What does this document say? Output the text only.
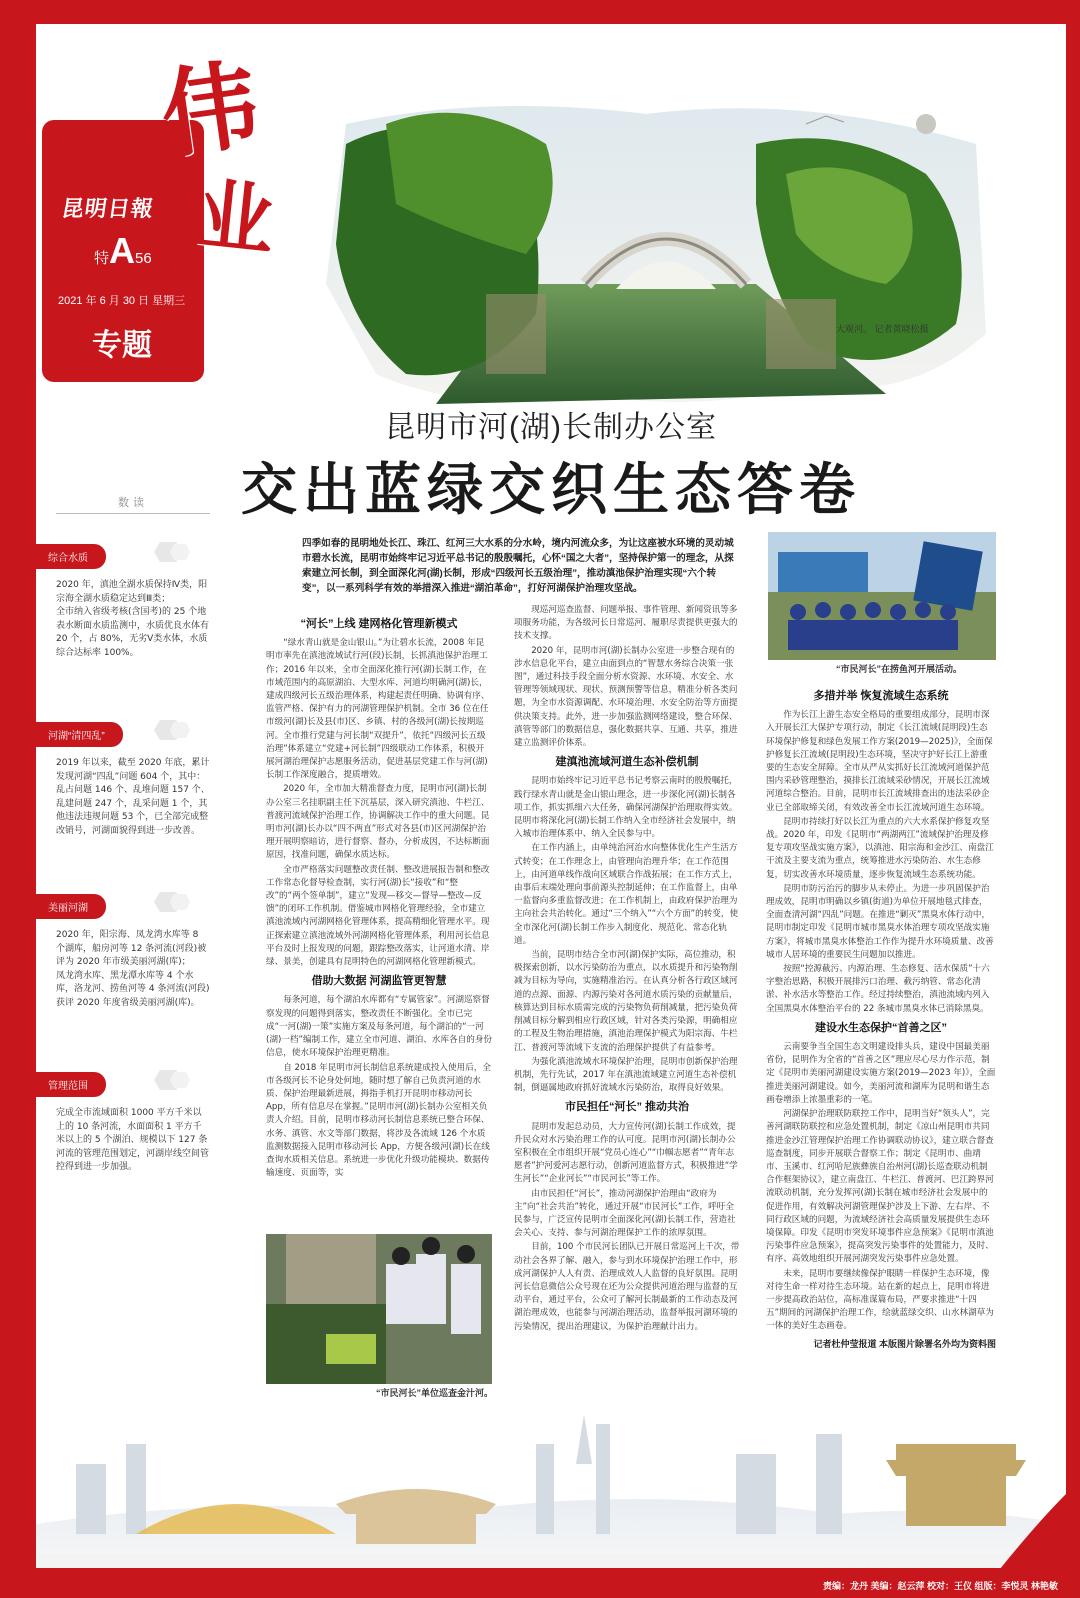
责编：龙丹 美编：赵云萍 校对：王仪 组版：李悦灵 林艳敏
昆明日報
特A56
2021 年 6 月 30 日 星期三
专题
伟
业
大观河。 记者黄晓松摄
昆明市河(湖)长制办公室
交出蓝绿交织生态答卷
四季如春的昆明地处长江、珠江、红河三大水系的分水岭，境内河流众多，为让这座被水环境的灵动城市碧水长流，昆明市始终牢记习近平总书记的殷殷嘱托，心怀“国之大者”，坚持保护第一的理念，从探索建立河长制，到全面深化河(湖)长制，形成“四级河长五级治理”，推动滇池保护治理实现“六个转变”，以一系列科学有效的举措深入推进“湖泊革命”，打好河湖保护治理攻坚战。
数读
综合水质
2020 年，滇池全湖水质保持Ⅳ类，阳宗海全湖水质稳定达到Ⅲ类；
全市纳入省级考核(含国考)的 25 个地表水断面水质监测中，水质优良水体有 20 个，占 80%，无劣Ⅴ类水体，水质综合达标率 100%。
河湖“清四乱”
2019 年以来，截至 2020 年底，累计发现河湖“四乱”问题 604 个，其中：乱占问题 146 个、乱堆问题 157 个、乱建问题 247 个，乱采问题 1 个，其他违法违规问题 53 个，已全部完成整改销号，河湖面貌得到进一步改善。
美丽河湖
2020 年，阳宗海、凤龙湾水库等 8 个湖库，船房河等 12 条河流(河段)被评为 2020 年市级美丽河湖(库)；
凤龙湾水库、黑龙潭水库等 4 个水库，洛龙河、捞鱼河等 4 条河流(河段)获评 2020 年度省级美丽河湖(库)。
管理范围
完成全市流域面积 1000 平方千米以上的 10 条河流，水面面积 1 平方千米以上的 5 个湖泊、规模以下 127 条河流的管理范围划定，河湖岸线空间管控得到进一步加强。
“河长”上线 建网格化管理新模式

“绿水青山就是金山银山。”为让碧水长流，2008 年昆明市率先在滇池流域试行河(段)长制，长抓滇池保护治理工作；2016 年以来，全市全面深化推行河(湖)长制工作，在市域范围内的高原湖泊、大型水库、河道均明确河(湖)长，建成四级河长五级治理体系，构建起责任明确、协调有序、监管严格、保护有力的河湖管理保护机制。全市 36 位在任市级河(湖)长及县(市)区、乡镇、村的各级河(湖)长按期巡河。全市推行党建与河长制“双提升”，依托“四级河长五级治理”体系建立“党建+河长制”四级联动工作体系，积极开展河湖治理保护志愿服务活动，促进基层党建工作与河(湖)长制工作深度融合，提质增效。

2020 年，全市加大精准督查力度，昆明市河(湖)长制办公室三名挂职副主任下沉基层，深入研究滇池、牛栏江、普渡河流域保护治理工作，协调解决工作中的重大问题。昆明市河(湖)长办以“四不两直”形式对各县(市)区河湖保护治理开展明察暗访，进行督察、督办，分析成因，不达标断面原因，找准问题，确保水质达标。

全市严格落实问题整改责任制、整改进展报告制和整改工作常态化督导检查制，实行河(湖)长“接收”和“整改”的“两个签单制”，建立“发现—移交—督导—整改—反馈”的闭环工作机制。借鉴城市网格化管理经验，全市建立滇池流域内河湖网格化管理体系，提高精细化管理水平。现正探索建立滇池流域外河湖网格化管理体系，利用河长信息平台及时上报发现的问题，跟踪整改落实，让河道水清、岸绿、景美，创建具有昆明特色的河湖网格化管理新模式。

借助大数据 河湖监管更智慧

每条河道，每个湖泊水库都有“专属管家”。河湖巡察督察发现的问题得到落实，整改责任不断强化。全市已完成“一河(湖)一策”实施方案及每条河道，每个湖泊的“一河(湖)一档”编制工作，建立全市河道、湖泊、水库各自的身份信息，使水环境保护治理更精准。

自 2018 年昆明市河长制信息系统建成投入使用后，全市各级河长不论身处何地，随时想了解自己负责河道的水质、保护治理最新进展，拇指手机打开昆明市移动河长 App，所有信息尽在掌握。”昆明市河(湖)长制办公室相关负责人介绍。目前，昆明市移动河长制信息系统已整合环保、水务、滇管、水文等部门数据，将涉及各流域 126 个水质监测数据接入昆明市移动河长 App，方便各级河(湖)长在线查询水质相关信息。系统进一步优化升级功能模块、数据传输速度、页面等，实

现巡河巡查监督、问题举报、事件管理、新闻资讯等多项服务功能，为各级河长日常巡河、履职尽责提供更强大的技术支撑。

2020 年，昆明市河(湖)长制办公室进一步整合现有的涉水信息化平台，建立由面到点的“智慧水务综合决策一张图”，通过科技手段全面分析水资源、水环境、水安全、水管理等领域现状、现状、预测预警等信息，精准分析各类问题，为全市水资源调配、水环境治理、水安全防治等方面提供决策支持。此外，进一步加强监测网络建设，整合环保、滇管等部门的数据信息，强化数据共享、互通、共享，推进建立监测评价体系。

建滇池流域河道生态补偿机制

昆明市始终牢记习近平总书记考察云南时的殷殷嘱托，践行绿水青山就是金山银山理念，进一步深化河(湖)长制各项工作，抓实抓细六大任务，确保河湖保护治理取得实效。昆明市将深化河(湖)长制工作纳入全市经济社会发展中，纳入城市治理体系中、纳入全民参与中。

在工作内涵上，由单纯治河治水向整体优化生产生活方式转变；在工作理念上，由管理向治理升华；在工作范围上，由河道单线作战向区域联合作战拓展；在工作方式上，由事后末端处理向事前源头控制延伸；在工作监督上，由单一监督向多重监督改进；在工作机制上，由政府保护治理为主向社会共治转化。通过“三个纳入”“六个方面”的转变，使全市深化河(湖)长制工作步入制度化、规范化、常态化轨道。

当前，昆明市结合全市河(湖)保护实际，高位推动，积极探索创新，以水污染防治为重点，以水质提升和污染物削减为目标为导向，实施精准治污。在认真分析各行政区域河道的点源、面源、内源污染对各河道水质污染的贡献量后，核算达到目标水质需完成的污染物负荷削减量，把污染负荷削减目标分解到相应行政区域，针对各类污染源，明确相应的工程及生物治理措施，滇池治理保护模式为阳宗海、牛栏江、普渡河等流域下支流的治理保护提供了有益参考。

为强化滇池流域水环境保护治理，昆明市创新保护治理机制，先行先试，2017 年在滇池流域建立河道生态补偿机制，倒逼属地政府抓好流域水污染防治，取得良好效果。

市民担任“河长” 推动共治

昆明市发起总动员，大力宣传河(湖)长制工作成效，提升民众对水污染治理工作的认可度。昆明市河(湖)长制办公室积极在全市组织开展“党员心连心”“巾帼志愿者”“青年志愿者”护河爱河志愿行动，创新河道监督方式，积极推进“学生河长”“企业河长”“市民河长”等工作。

由市民担任“河长”，推动河湖保护治理由“政府为主”向“社会共治”转化，通过开展“市民河长”工作，呼吁全民参与，广泛宣传昆明市全面深化河(湖)长制工作，营造社会关心、支持、参与河湖治理保护工作的浓厚氛围。

目前，100 个市民河长团队已开展日常巡河上千次，带动社会各界了解、融入，参与到水环境保护治理工作中，形成河湖保护人人有责、治理成效人人监督的良好氛围。昆明河长信息微信公众号现在还为公众提供河道治理与监督的互动平台，通过平台，公众可了解河长制最新的工作动态及河湖治理成效，也能参与河湖治理活动，监督举报河湖环境的污染情况，提出治理建议，为保护治理献计出力。

多措并举 恢复流域生态系统

作为长江上游生态安全格局的重要组成部分，昆明市深入开展长江大保护专项行动，制定《长江流域(昆明段)生态环境保护修复和绿色发展工作方案(2019—2025)》，全面保护修复长江流域(昆明段)生态环境，坚决守护好长江上游重要的生态安全屏障。全市从严从实抓好长江流域河道保护范围内采砂管理整治，摸排长江流域采砂情况，开展长江流域河道综合整治。目前，昆明市长江流域排查出的违法采砂企业已全部取缔关闭，有效改善全市长江流域河道生态环境。

昆明市持续打好以长江为重点的六大水系保护修复攻坚战。2020 年，印发《昆明市“两湖两江”流域保护治理及修复专项攻坚战实施方案》，以滇池、阳宗海和金沙江、南盘江干流及主要支流为重点，统筹推进水污染防治、水生态修复，切实改善水环境质量，逐步恢复流域生态系统功能。

昆明市防污治污的脚步从未停止。为进一步巩固保护治理成效，昆明市明确以乡镇(街道)为单位开展地毯式排查，全面查清河湖“四乱”问题。在推进“剿灭”黑臭水体行动中，昆明市制定印发《昆明市城市黑臭水体治理专项攻坚战实施方案》，将城市黑臭水体整治工作作为提升水环境质量、改善城市人居环境的重要民生问题加以推进。

按照“控源截污、内源治理、生态修复、活水保质”十六字整治思路，积极开展排污口治理、截污纳管、常态化清淤、补水活水等整治工作。经过持续整治，滇池流域内列入全国黑臭水体整治平台的 22 条城市黑臭水体已消除黑臭。

建设水生态保护“首善之区”

云南要争当全国生态文明建设排头兵，建设中国最美丽省份，昆明作为全省的“首善之区”理应尽心尽力作示范，制定《昆明市美丽河湖建设实施方案(2019—2023 年)》，全面推进美丽河湖建设。如今，美丽河流和湖库为昆明和谐生态画卷增添上浓墨重彩的一笔。

河湖保护治理联防联控工作中，昆明当好“领头人”，完善河湖联防联控和应急处置机制，制定《凉山州昆明市共同推进金沙江管理保护治理工作协调联动协议》，建立联合督查巡查制度，同步开展联合督察工作；制定《昆明市、曲靖市、玉溪市、红河哈尼族彝族自治州河(湖)长巡查联动机制合作框架协议》，建立南盘江、牛栏江、普渡河、巴江跨界河流联动机制，充分发挥河(湖)长制在城市经济社会发展中的促进作用，有效解决河湖管理保护涉及上下游、左右岸、不同行政区域的问题，为流域经济社会高质量发展提供生态环境保障。印发《昆明市突发环境事件应急预案》《昆明市滇池污染事件应急预案》，提高突发污染事件的处置能力，及时、有序、高效地组织开展河湖突发污染事件应急处置。

未来，昆明市要继续像保护眼睛一样保护生态环境，像对待生命一样对待生态环境。站在新的起点上，昆明市将进一步提高政治站位，高标准谋篇布局，严要求推进“十四五”期间的河湖保护治理工作，绘就蓝绿交织、山水林湖草为一体的美好生态画卷。

记者杜仲莹报道 本版图片除署名外均为资料图
“市民河长”在捞鱼河开展活动。
“市民河长”单位巡查金汁河。
